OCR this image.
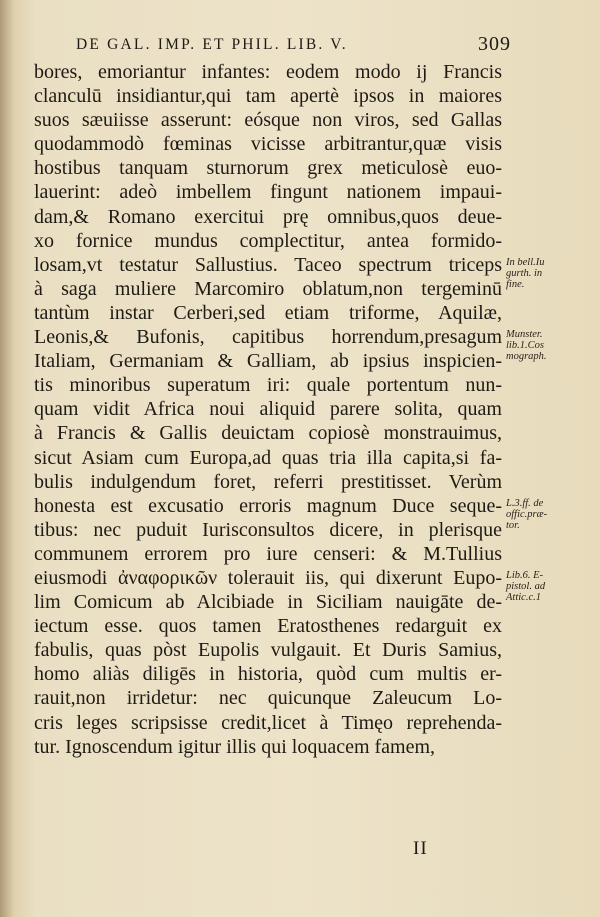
DE GAL. IMP. ET PHIL. LIB. V.	309
bores, emoriantur infantes: eodem modo ij Francis
clanculū insidiantur,qui tam apertè ipsos in maiores
suos sæuiisse asserunt: eósque non viros, sed Gallas
quodammodò fœminas vicisse arbitrantur,quæ visis
hostibus tanquam sturnorum grex meticulosè euo-
lauerint: adeò imbellem fingunt nationem impaui-
dam,& Romano exercitui prę omnibus,quos deue-
xo fornice mundus complectitur, antea formido-
losam,vt testatur Sallustius. Taceo spectrum triceps
à saga muliere Marcomiro oblatum,non tergeminū
tantùm instar Cerberi,sed etiam triforme, Aquilæ,
Leonis,& Bufonis, capitibus horrendum,presagum
Italiam, Germaniam & Galliam, ab ipsius inspicien-
tis minoribus superatum iri: quale portentum nun-
quam vidit Africa noui aliquid parere solita, quam
à Francis & Gallis deuictam copiosè monstrauimus,
sicut Asiam cum Europa,ad quas tria illa capita,si fa-
bulis indulgendum foret, referri prestitisset. Verùm
honesta est excusatio erroris magnum Duce seque-
tibus: nec puduit Iurisconsultos dicere, in plerisque
communem errorem pro iure censeri: & M.Tullius
eiusmodi ἀναφορικῶν tolerauit iis, qui dixerunt Eupo-
lim Comicum ab Alcibiade in Siciliam nauigāte de-
iectum esse. quos tamen Eratosthenes redarguit ex
fabulis, quas pòst Eupolis vulgauit. Et Duris Samius,
homo aliàs diligēs in historia, quòd cum multis er-
rauit,non irridetur: nec quicunque Zaleucum Lo-
cris leges scripsisse credit,licet à Timęo reprehenda-
tur. Ignoscendum igitur illis qui loquacem famem,
In bell.Iu
gurth. in
fine.
Munster.
lib.1.Cos
mograph.
L.3.ff. de
offic.præ-
tor.
Lib.6. E-
pistol. ad
Attic.c.1
II
